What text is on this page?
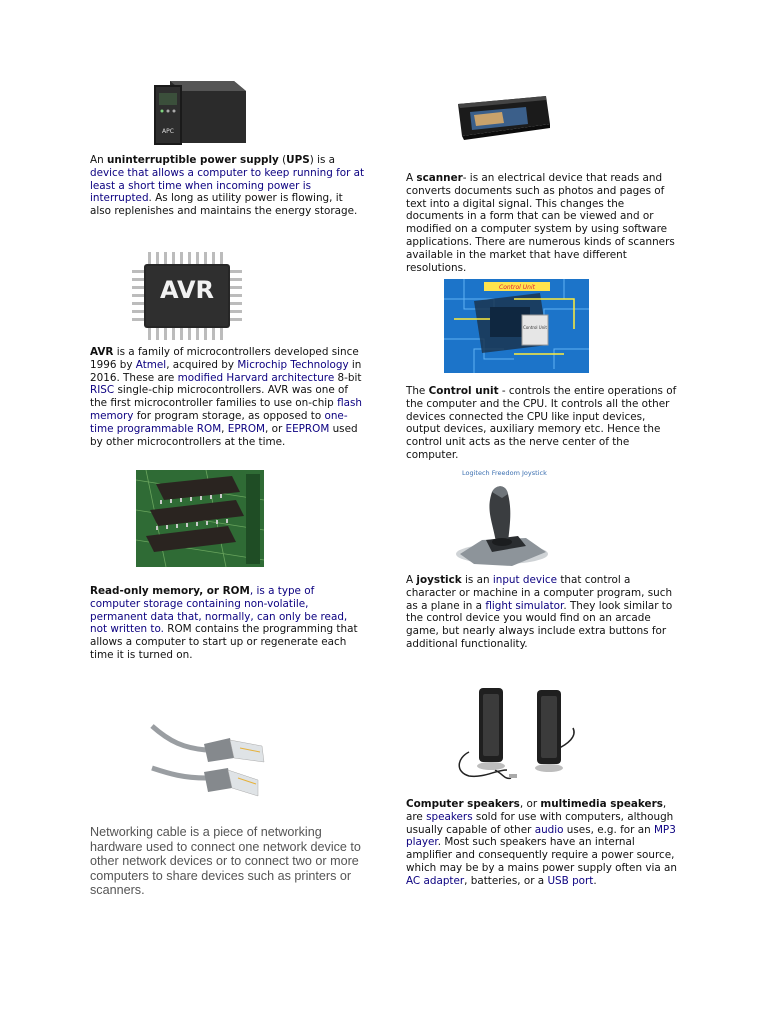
APC
An uninterruptible power supply (UPS) is a device that allows a computer to keep running for at least a short time when incoming power is interrupted. As long as utility power is flowing, it also replenishes and maintains the energy storage.
A scanner- is an electrical device that reads and converts documents such as photos and pages of text into a digital signal. This changes the documents in a form that can be viewed and or modified on a computer system by using software applications. There are numerous kinds of scanners available in the market that have different resolutions.
AVR
AVR is a family of microcontrollers developed since 1996 by Atmel, acquired by Microchip Technology in 2016. These are modified Harvard architecture 8-bit RISC single-chip microcontrollers. AVR was one of the first microcontroller families to use on-chip flash memory for program storage, as opposed to one-time programmable ROM, EPROM, or EEPROM used by other microcontrollers at the time.
Control Unit
Control Unit
The Control unit - controls the entire operations of the computer and the CPU. It controls all the other devices connected the CPU like input devices, output devices, auxiliary memory etc. Hence the control unit acts as the nerve center of the computer.
Read-only memory, or ROM, is a type of computer storage containing non-volatile, permanent data that, normally, can only be read, not written to. ROM contains the programming that allows a computer to start up or regenerate each time it is turned on.
Logitech Freedom Joystick
A joystick is an input device that control a character or machine in a computer program, such as a plane in a flight simulator. They look similar to the control device you would find on an arcade game, but nearly always include extra buttons for additional functionality.
Networking cable is a piece of networking hardware used to connect one network device to other network devices or to connect two or more computers to share devices such as printers or scanners.
Computer speakers, or multimedia speakers, are speakers sold for use with computers, although usually capable of other audio uses, e.g. for an MP3 player. Most such speakers have an internal amplifier and consequently require a power source, which may be by a mains power supply often via an AC adapter, batteries, or a USB port.
